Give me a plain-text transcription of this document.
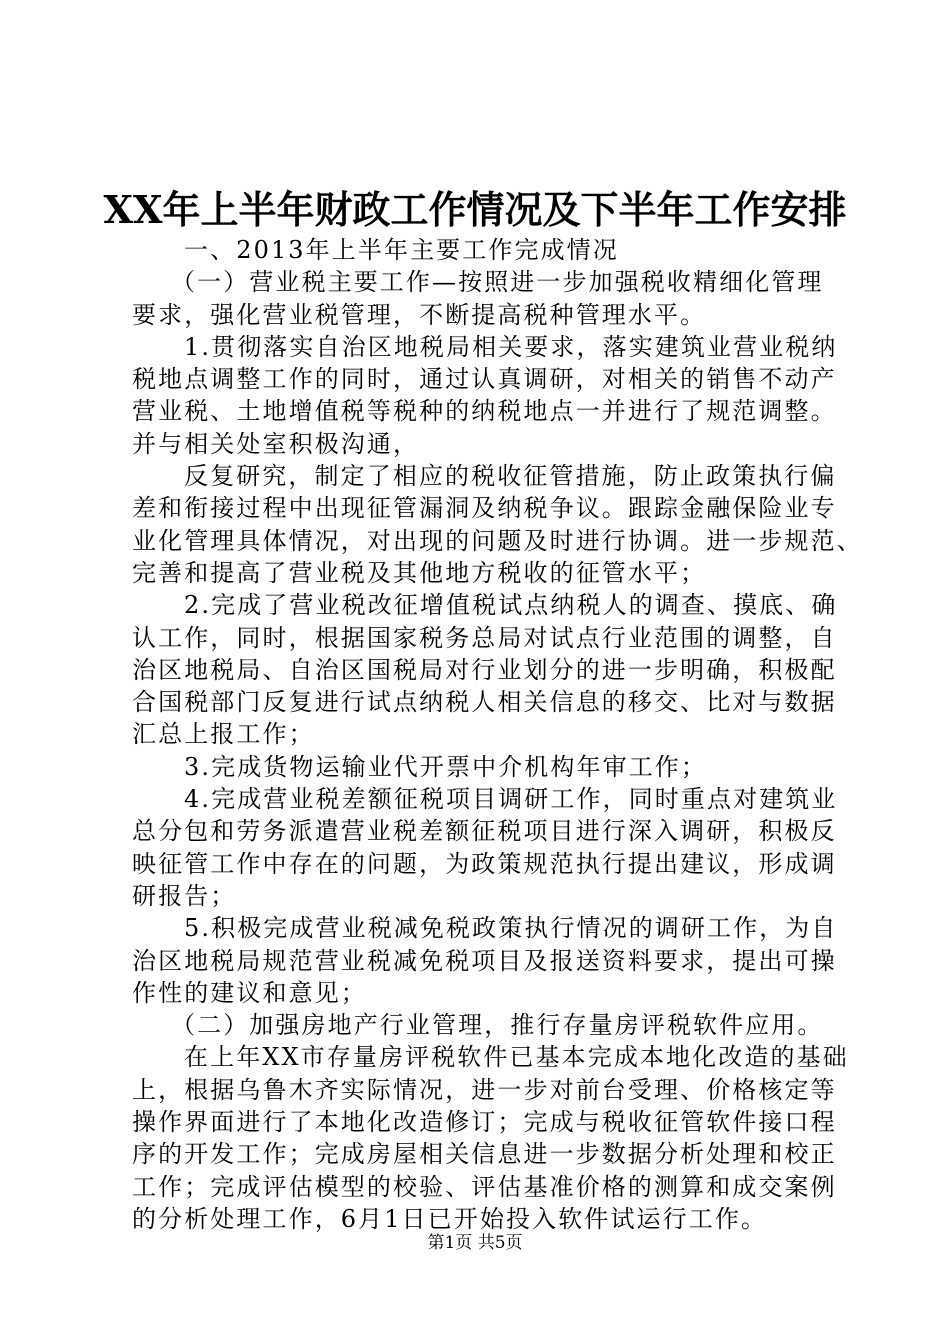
XX年上半年财政工作情况及下半年工作安排
一、2013年上半年主要工作完成情况
（一）营业税主要工作—按照进一步加强税收精细化管理
要求，强化营业税管理，不断提高税种管理水平。
1.贯彻落实自治区地税局相关要求，落实建筑业营业税纳
税地点调整工作的同时，通过认真调研，对相关的销售不动产
营业税、土地增值税等税种的纳税地点一并进行了规范调整。
并与相关处室积极沟通，
反复研究，制定了相应的税收征管措施，防止政策执行偏
差和衔接过程中出现征管漏洞及纳税争议。跟踪金融保险业专
业化管理具体情况，对出现的问题及时进行协调。进一步规范、
完善和提高了营业税及其他地方税收的征管水平；
2.完成了营业税改征增值税试点纳税人的调查、摸底、确
认工作，同时，根据国家税务总局对试点行业范围的调整，自
治区地税局、自治区国税局对行业划分的进一步明确，积极配
合国税部门反复进行试点纳税人相关信息的移交、比对与数据
汇总上报工作；
3.完成货物运输业代开票中介机构年审工作；
4.完成营业税差额征税项目调研工作，同时重点对建筑业
总分包和劳务派遣营业税差额征税项目进行深入调研，积极反
映征管工作中存在的问题，为政策规范执行提出建议，形成调
研报告；
5.积极完成营业税减免税政策执行情况的调研工作，为自
治区地税局规范营业税减免税项目及报送资料要求，提出可操
作性的建议和意见；
（二）加强房地产行业管理，推行存量房评税软件应用。
在上年XX市存量房评税软件已基本完成本地化改造的基础
上，根据乌鲁木齐实际情况，进一步对前台受理、价格核定等
操作界面进行了本地化改造修订；完成与税收征管软件接口程
序的开发工作；完成房屋相关信息进一步数据分析处理和校正
工作；完成评估模型的校验、评估基准价格的测算和成交案例
的分析处理工作，6月1日已开始投入软件试运行工作。
第1页 共5页
